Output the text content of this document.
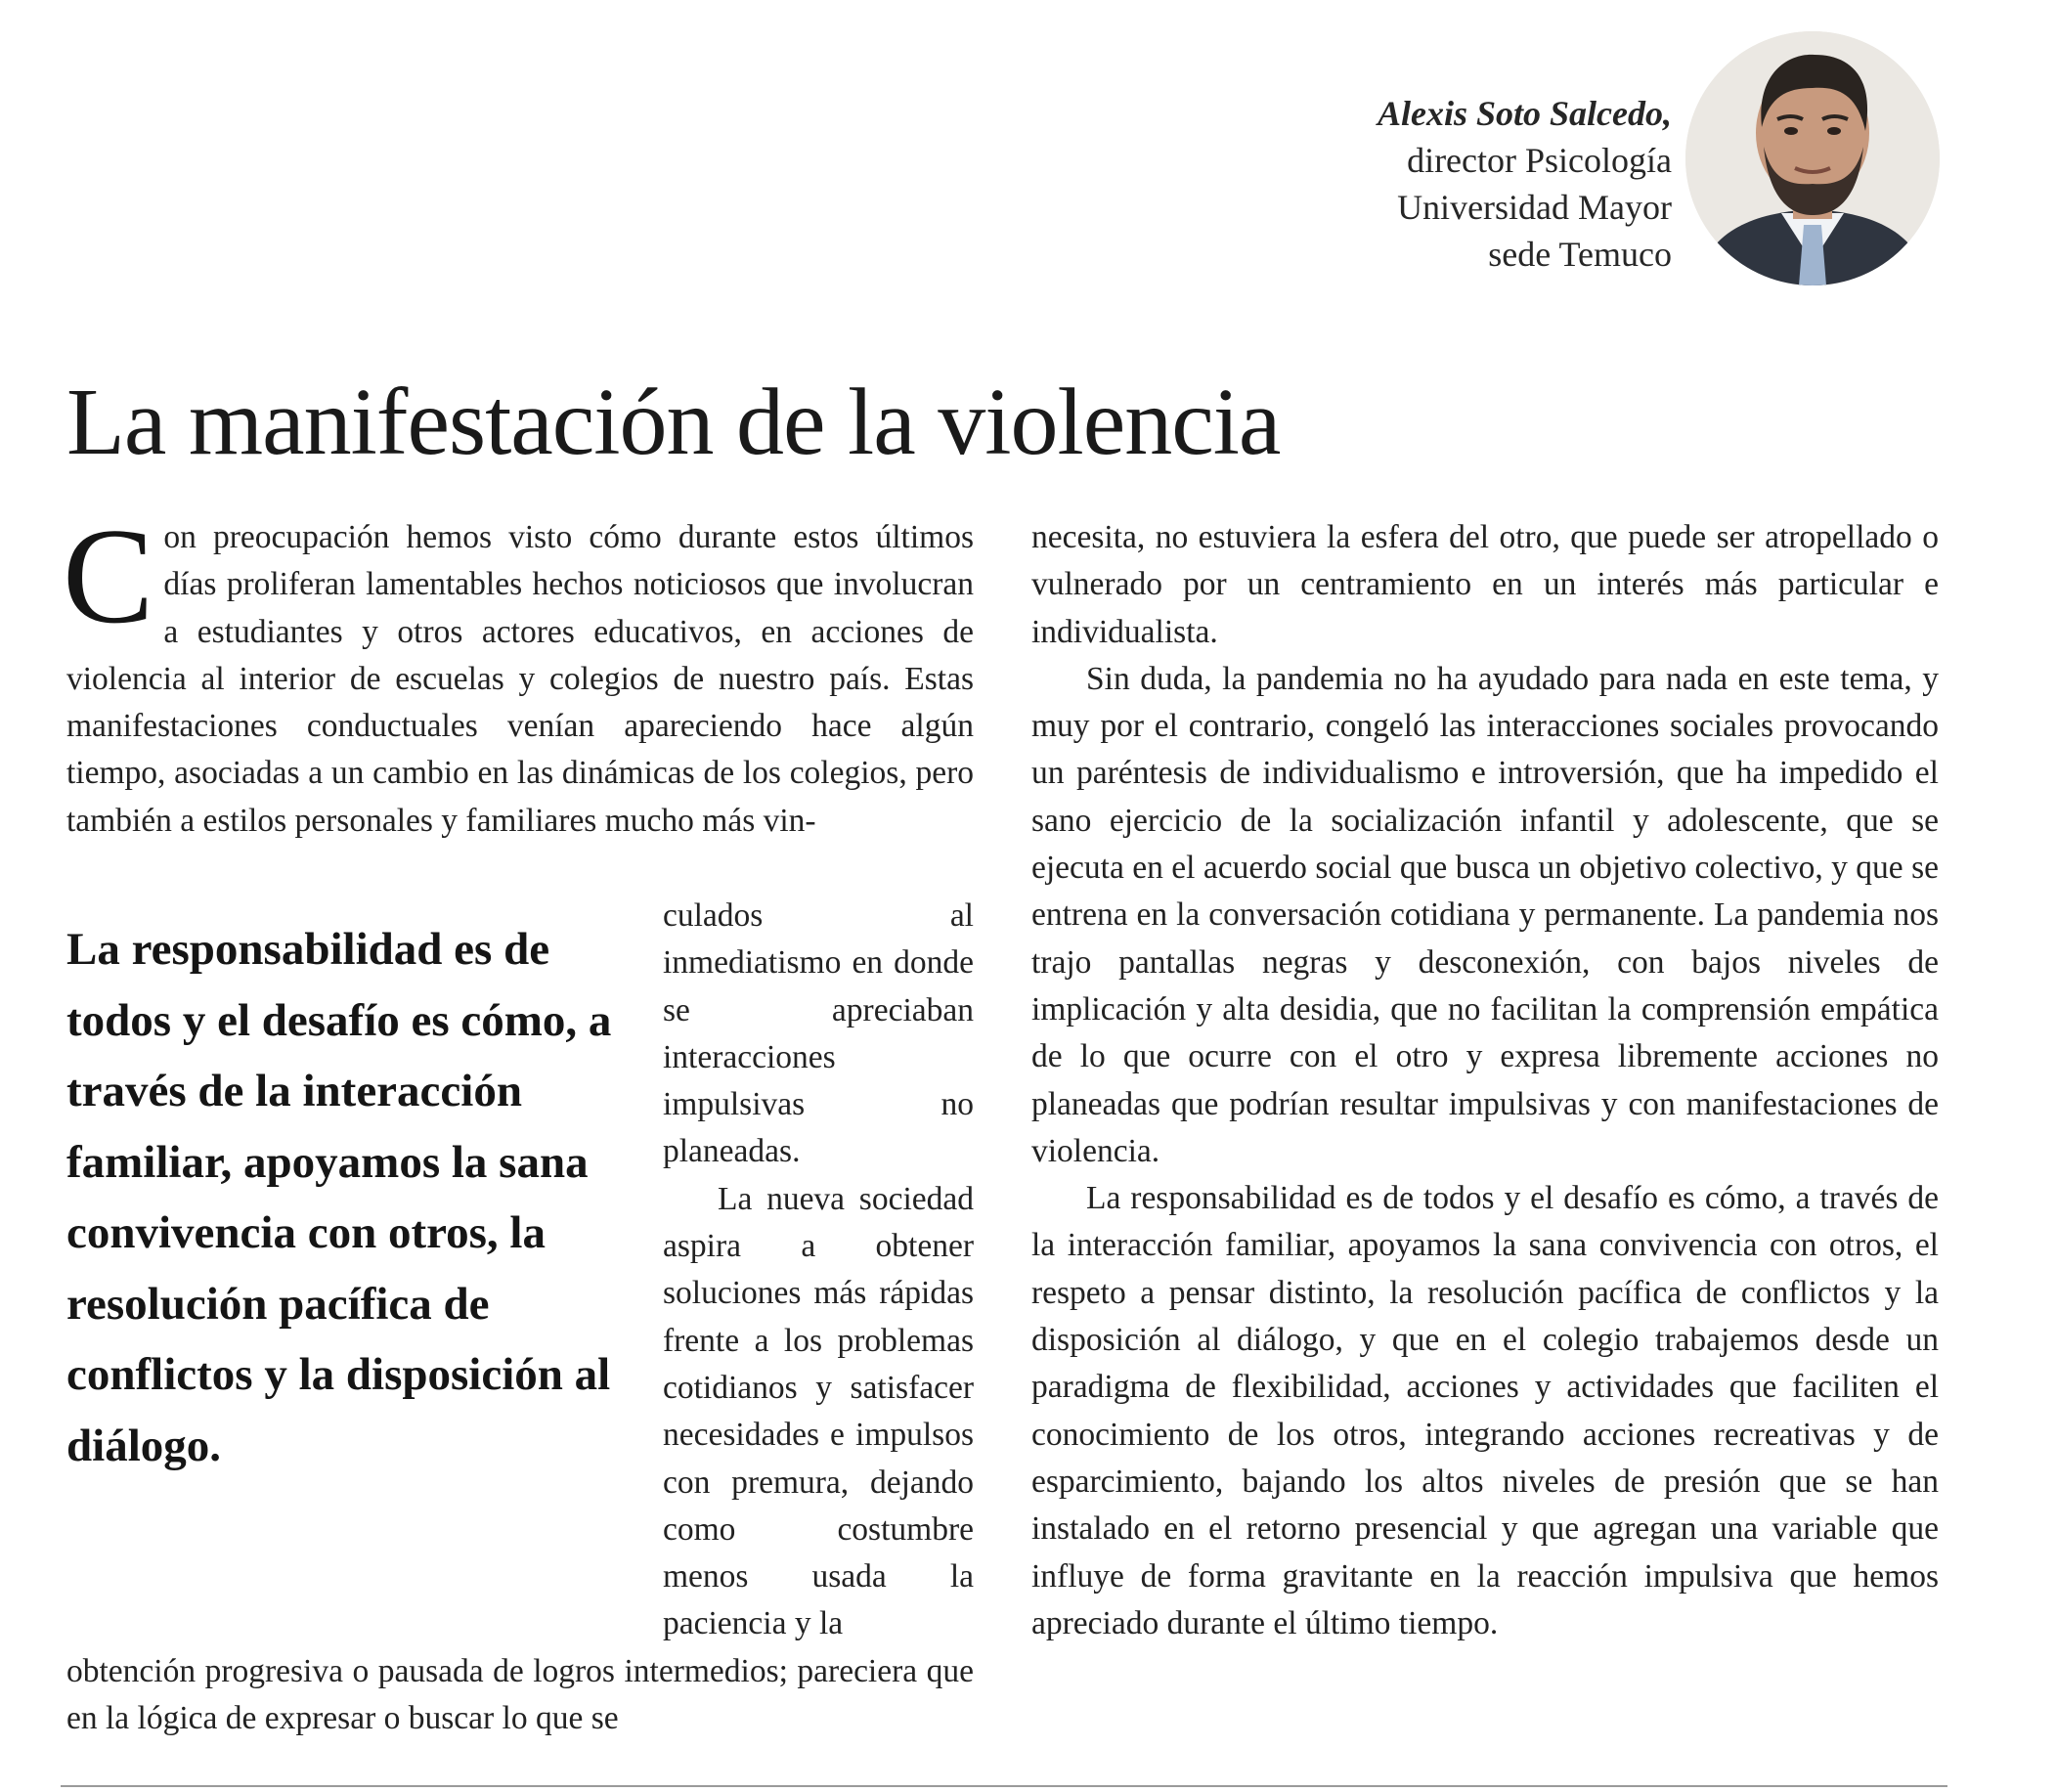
Alexis Soto Salcedo,
director Psicología
Universidad Mayor
sede Temuco
La manifestación de la violencia

Con preocupación hemos visto cómo durante estos últimos días proliferan lamentables hechos noticiosos que involucran a estudiantes y otros actores educativos, en acciones de violencia al interior de escuelas y colegios de nuestro país. Estas manifestaciones conductuales venían apareciendo hace algún tiempo, asociadas a un cambio en las dinámicas de los colegios, pero también a estilos personales y familiares mucho más vin-

La responsabilidad es de todos y el desafío es cómo, a través de la interacción familiar, apoyamos la sana convivencia con otros, la resolución pacífica de conflictos y la disposición al diálogo.

culados al inmediatismo en donde se apreciaban interacciones impulsivas no planeadas.

La nueva sociedad aspira a obtener soluciones más rápidas frente a los problemas cotidianos y satisfacer necesidades e impulsos con premura, dejando como costumbre menos usada la paciencia y la

obtención progresiva o pausada de logros intermedios; pareciera que en la lógica de expresar o buscar lo que se

necesita, no estuviera la esfera del otro, que puede ser atropellado o vulnerado por un centramiento en un interés más particular e individualista.

Sin duda, la pandemia no ha ayudado para nada en este tema, y muy por el contrario, congeló las interacciones sociales provocando un paréntesis de individualismo e introversión, que ha impedido el sano ejercicio de la socialización infantil y adolescente, que se ejecuta en el acuerdo social que busca un objetivo colectivo, y que se entrena en la conversación cotidiana y permanente. La pandemia nos trajo pantallas negras y desconexión, con bajos niveles de implicación y alta desidia, que no facilitan la comprensión empática de lo que ocurre con el otro y expresa libremente acciones no planeadas que podrían resultar impulsivas y con manifestaciones de violencia.

La responsabilidad es de todos y el desafío es cómo, a través de la interacción familiar, apoyamos la sana convivencia con otros, el respeto a pensar distinto, la resolución pacífica de conflictos y la disposición al diálogo, y que en el colegio trabajemos desde un paradigma de flexibilidad, acciones y actividades que faciliten el conocimiento de los otros, integrando acciones recreativas y de esparcimiento, bajando los altos niveles de presión que se han instalado en el retorno presencial y que agregan una variable que influye de forma gravitante en la reacción impulsiva que hemos apreciado durante el último tiempo.
